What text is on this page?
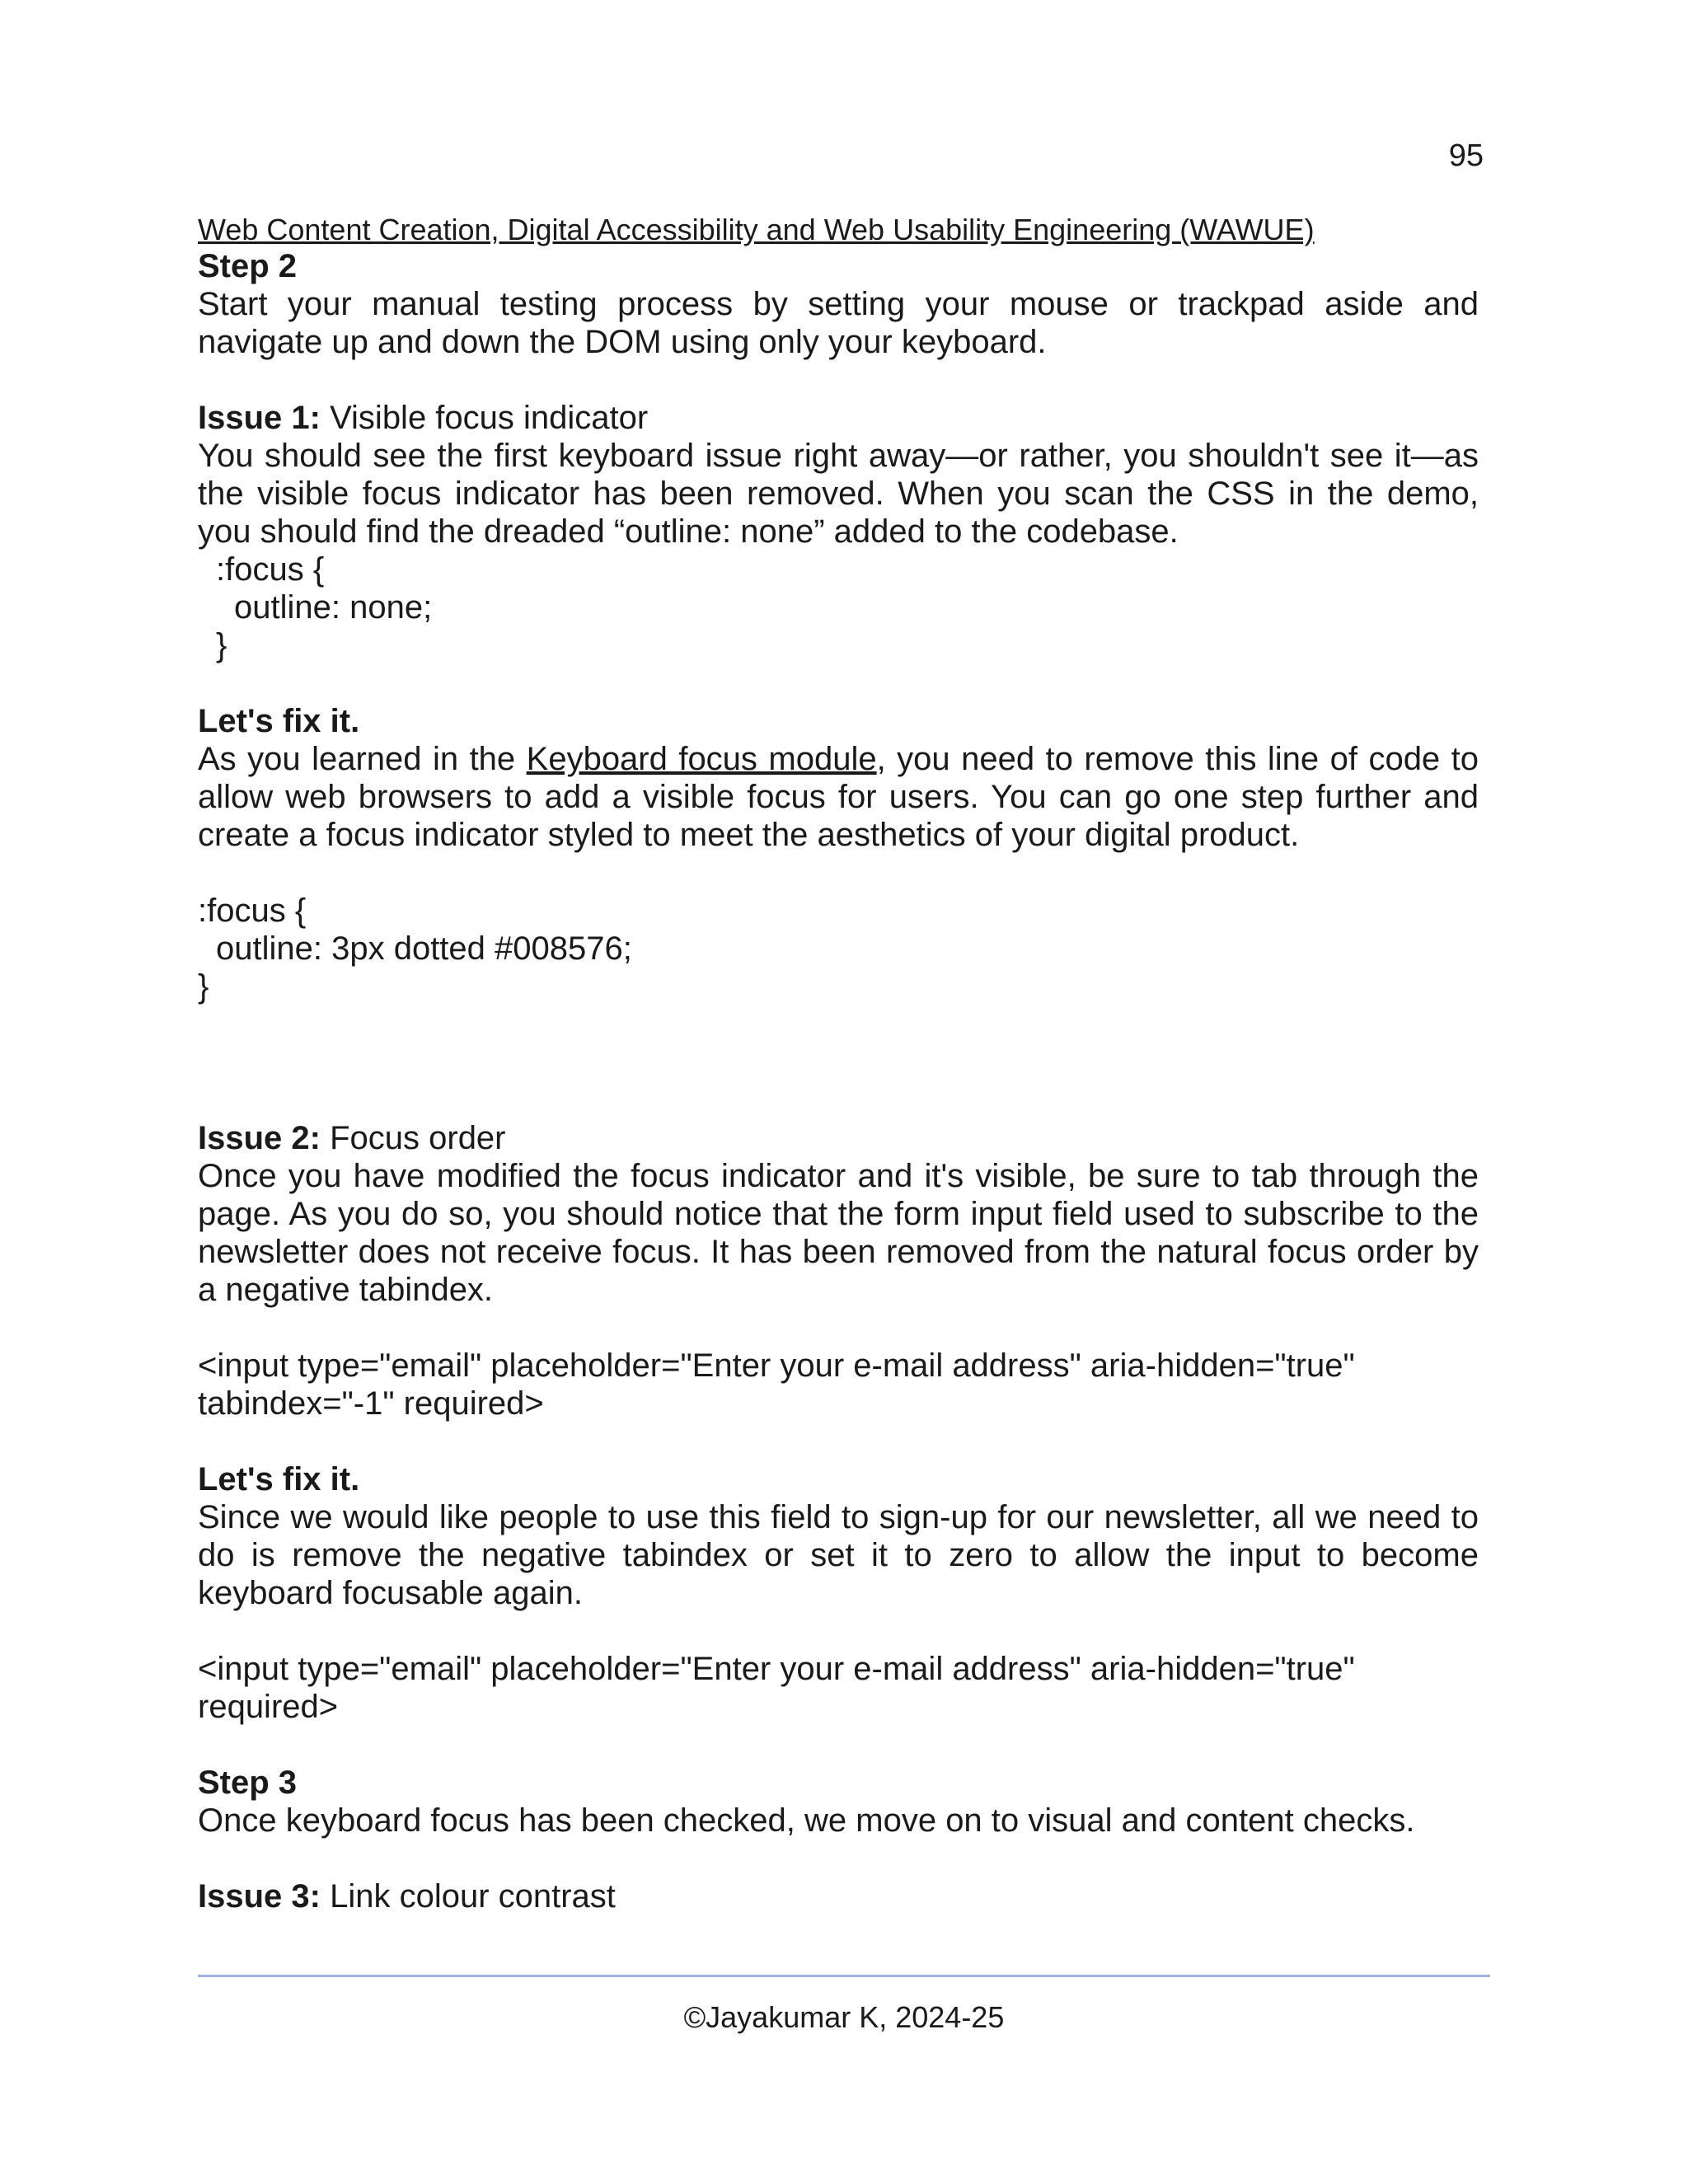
95
Web Content Creation, Digital Accessibility and Web Usability Engineering (WAWUE)
Step 2
Start your manual testing process by setting your mouse or trackpad aside and navigate up and down the DOM using only your keyboard.
Issue 1: Visible focus indicator
You should see the first keyboard issue right away—or rather, you shouldn't see it—as the visible focus indicator has been removed. When you scan the CSS in the demo, you should find the dreaded “outline: none” added to the codebase.
:focus {
outline: none;
}
Let's fix it.
As you learned in the Keyboard focus module, you need to remove this line of code to allow web browsers to add a visible focus for users. You can go one step further and create a focus indicator styled to meet the aesthetics of your digital product.
:focus {
outline: 3px dotted #008576;
}
Issue 2: Focus order
Once you have modified the focus indicator and it's visible, be sure to tab through the page. As you do so, you should notice that the form input field used to subscribe to the newsletter does not receive focus. It has been removed from the natural focus order by a negative tabindex.
<input type="email" placeholder="Enter your e-mail address" aria-hidden="true"
tabindex="-1" required>
Let's fix it.
Since we would like people to use this field to sign-up for our newsletter, all we need to do is remove the negative tabindex or set it to zero to allow the input to become keyboard focusable again.
<input type="email" placeholder="Enter your e-mail address" aria-hidden="true"
required>
Step 3
Once keyboard focus has been checked, we move on to visual and content checks.
Issue 3: Link colour contrast
©Jayakumar K, 2024-25
